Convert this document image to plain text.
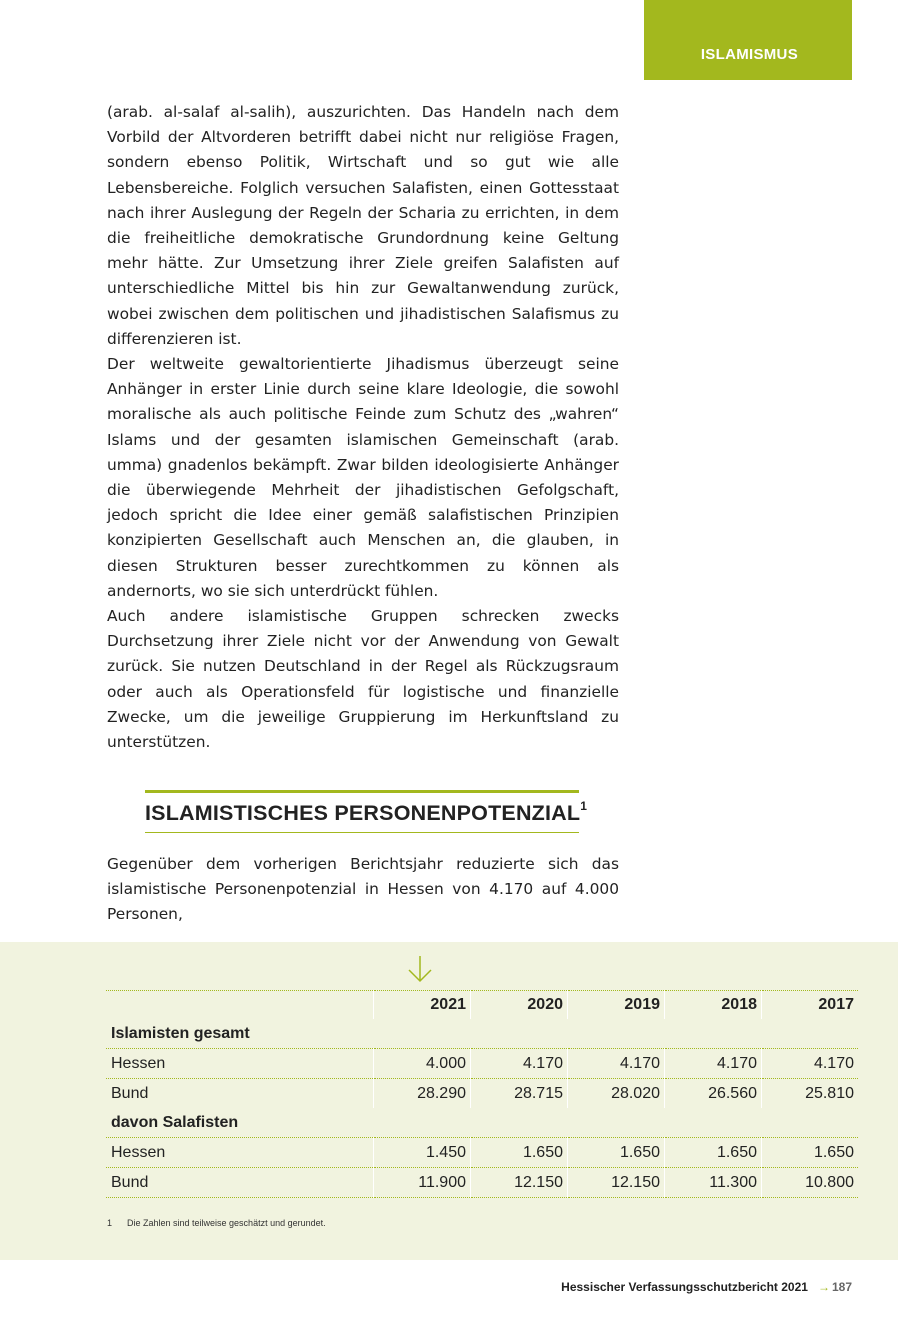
ISLAMISMUS
(arab. al-salaf al-salih), auszurichten. Das Handeln nach dem Vorbild der Altvorderen betrifft dabei nicht nur religiöse Fragen, sondern ebenso Politik, Wirtschaft und so gut wie alle Lebensbereiche. Folglich versuchen Salafisten, einen Gottesstaat nach ihrer Auslegung der Regeln der Scharia zu errichten, in dem die freiheitliche demokratische Grundordnung keine Geltung mehr hätte. Zur Umsetzung ihrer Ziele greifen Salafisten auf unterschiedliche Mittel bis hin zur Gewaltanwendung zurück, wobei zwischen dem politischen und jihadistischen Salafismus zu differenzieren ist.
Der weltweite gewaltorientierte Jihadismus überzeugt seine Anhänger in erster Linie durch seine klare Ideologie, die sowohl moralische als auch politische Feinde zum Schutz des „wahren“ Islams und der gesamten islamischen Gemeinschaft (arab. umma) gnadenlos bekämpft. Zwar bilden ideologisierte Anhänger die überwiegende Mehrheit der jihadistischen Gefolgschaft, jedoch spricht die Idee einer gemäß salafistischen Prinzipien konzipierten Gesellschaft auch Menschen an, die glauben, in diesen Strukturen besser zurechtkommen zu können als andernorts, wo sie sich unterdrückt fühlen.
Auch andere islamistische Gruppen schrecken zwecks Durchsetzung ihrer Ziele nicht vor der Anwendung von Gewalt zurück. Sie nutzen Deutschland in der Regel als Rückzugsraum oder auch als Operationsfeld für logistische und finanzielle Zwecke, um die jeweilige Gruppierung im Herkunftsland zu unterstützen.
ISLAMISTISCHES PERSONENPOTENZIAL$^1$
Gegenüber dem vorherigen Berichtsjahr reduzierte sich das islamistische Personenpotenzial in Hessen von 4.170 auf 4.000 Personen,
	2021	2020	2019	2018	2017
Islamisten gesamt					
Hessen	4.000	4.170	4.170	4.170	4.170
Bund	28.290	28.715	28.020	26.560	25.810
davon Salafisten					
Hessen	1.450	1.650	1.650	1.650	1.650
Bund	11.900	12.150	12.150	11.300	10.800
1 Die Zahlen sind teilweise geschätzt und gerundet.
Hessischer Verfassungsschutzbericht 2021 → 187
